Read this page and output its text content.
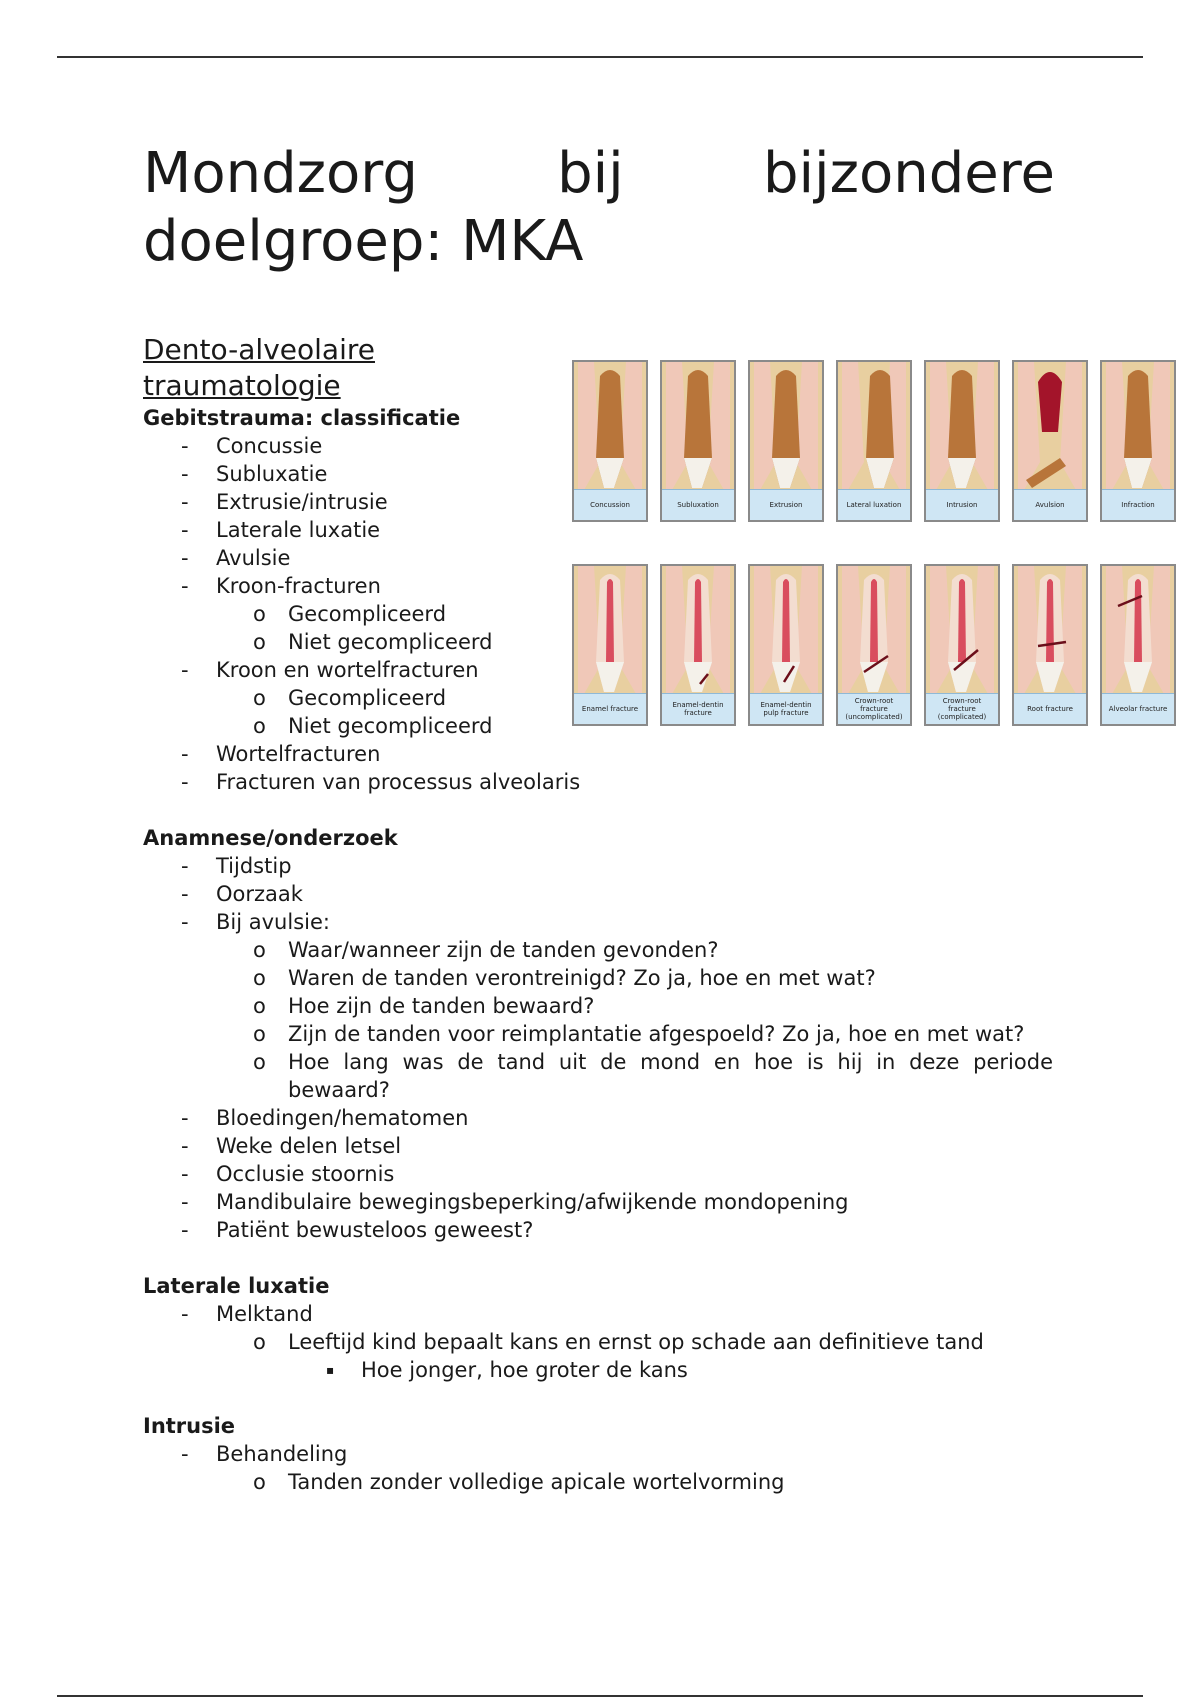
Mondzorg bij bijzondere doelgroep: MKA
Dento-alveolaire traumatologie
Gebitstrauma: classificatie
- Concussie
- Subluxatie
- Extrusie/intrusie
- Laterale luxatie
- Avulsie
- Kroon-fracturen
o Gecompliceerd
o Niet gecompliceerd
- Kroon en wortelfracturen
o Gecompliceerd
o Niet gecompliceerd
- Wortelfracturen
- Fracturen van processus alveolaris
Anamnese/onderzoek
- Tijdstip
- Oorzaak
- Bij avulsie:
o Waar/wanneer zijn de tanden gevonden?
o Waren de tanden verontreinigd? Zo ja, hoe en met wat?
o Hoe zijn de tanden bewaard?
o Zijn de tanden voor reimplantatie afgespoeld? Zo ja, hoe en met wat?
o Hoe lang was de tand uit de mond en hoe is hij in deze periode bewaard?
- Bloedingen/hematomen
- Weke delen letsel
- Occlusie stoornis
- Mandibulaire bewegingsbeperking/afwijkende mondopening
- Patiënt bewusteloos geweest?
Laterale luxatie
- Melktand
o Leeftijd kind bepaalt kans en ernst op schade aan definitieve tand
▪ Hoe jonger, hoe groter de kans
Intrusie
- Behandeling
o Tanden zonder volledige apicale wortelvorming
Concussion	Subluxation	Extrusion	Lateral luxation	Intrusion	Avulsion	Infraction
Enamel fracture	Enamel-dentin fracture
Enamel-dentin pulp fracture
Crown-root fracture (uncomplicated)
Crown-root fracture (complicated)
Root fracture	Alveolar fracture
